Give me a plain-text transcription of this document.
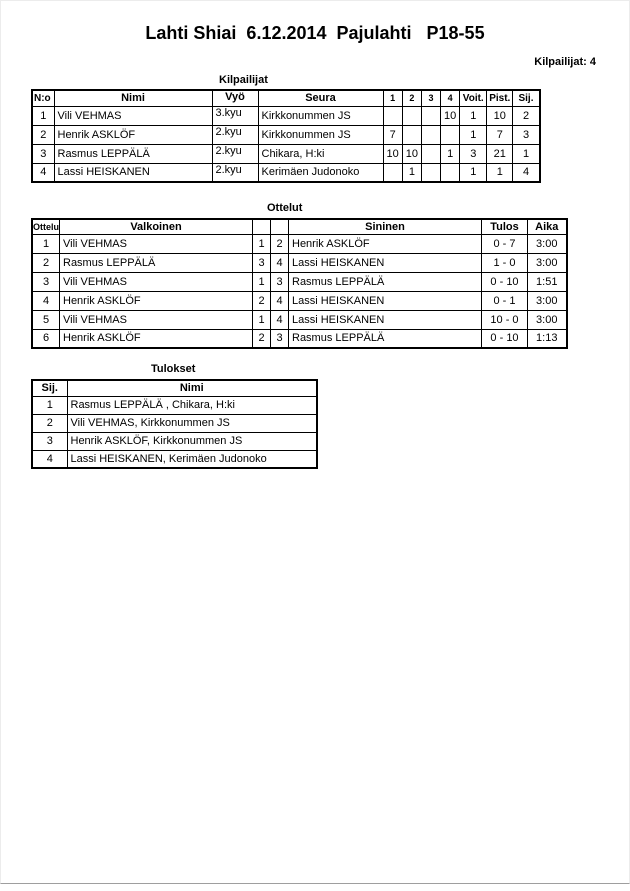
Lahti Shiai  6.12.2014  Pajulahti   P18-55
Kilpailijat: 4
Kilpailijat
N:o	Nimi	Vyö	Seura	1	2	3	4	Voit.	Pist.	Sij.
1	Vili VEHMAS	3.kyu	Kirkkonummen JS				10	1	10	2
2	Henrik ASKLÖF	2.kyu	Kirkkonummen JS	7				1	7	3
3	Rasmus LEPPÄLÄ	2.kyu	Chikara, H:ki	10	10		1	3	21	1
4	Lassi HEISKANEN	2.kyu	Kerimäen Judonoko		1			1	1	4
Ottelut
Ottelu	Valkoinen			Sininen	Tulos	Aika
1	Vili VEHMAS	1	2	Henrik ASKLÖF	0 - 7	3:00
2	Rasmus LEPPÄLÄ	3	4	Lassi HEISKANEN	1 - 0	3:00
3	Vili VEHMAS	1	3	Rasmus LEPPÄLÄ	0 - 10	1:51
4	Henrik ASKLÖF	2	4	Lassi HEISKANEN	0 - 1	3:00
5	Vili VEHMAS	1	4	Lassi HEISKANEN	10 - 0	3:00
6	Henrik ASKLÖF	2	3	Rasmus LEPPÄLÄ	0 - 10	1:13
Tulokset
Sij.	Nimi
1	Rasmus LEPPÄLÄ , Chikara, H:ki
2	Vili VEHMAS, Kirkkonummen JS
3	Henrik ASKLÖF, Kirkkonummen JS
4	Lassi HEISKANEN, Kerimäen Judonoko
